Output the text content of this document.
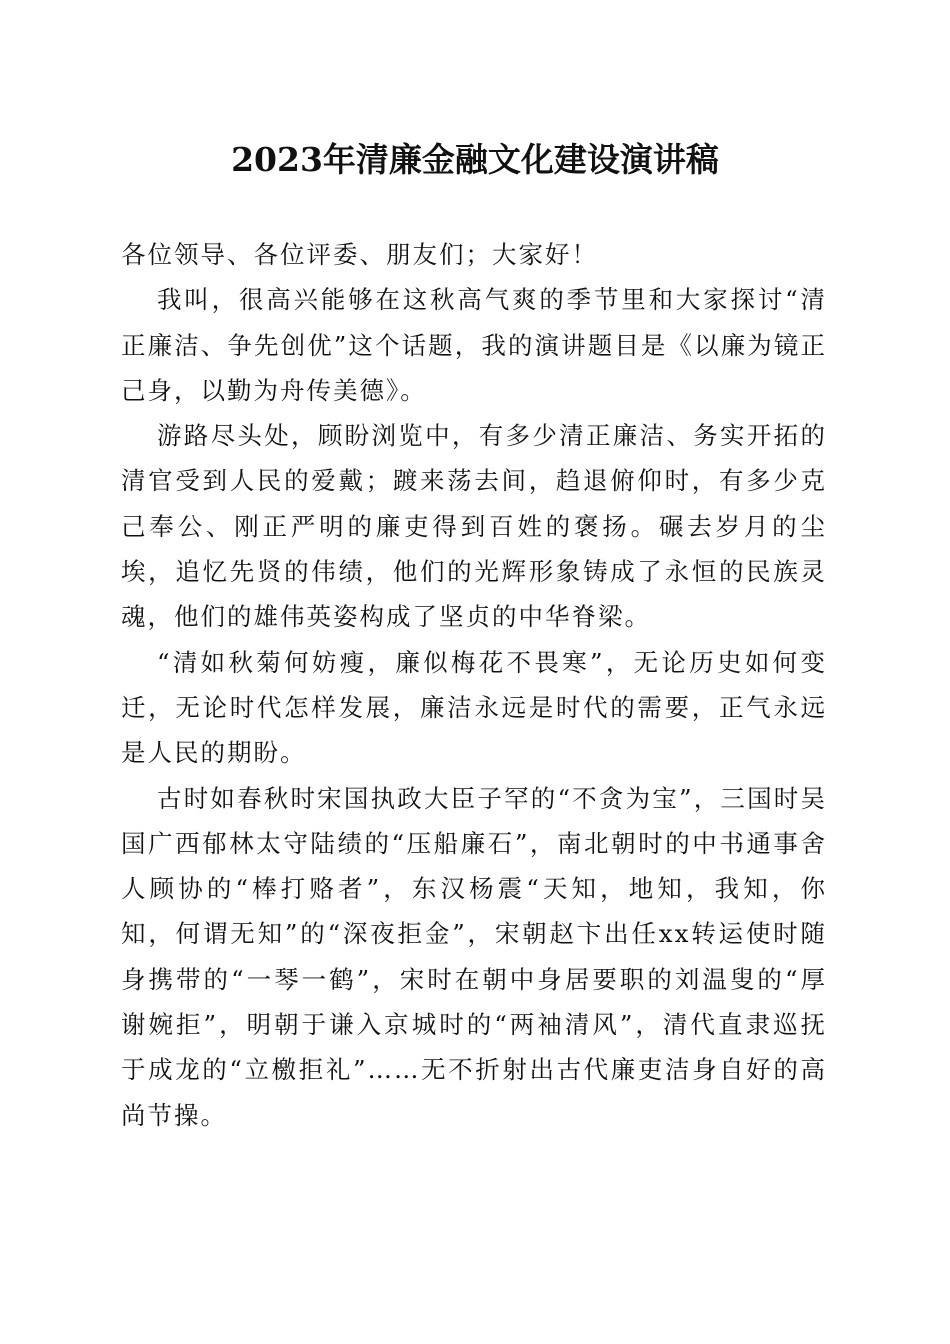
2023年清廉金融文化建设演讲稿

各位领导、各位评委、朋友们；大家好！

我叫，很高兴能够在这秋高气爽的季节里和大家探讨“清正廉洁、争先创优”这个话题，我的演讲题目是《以廉为镜正己身，以勤为舟传美德》。

游路尽头处，顾盼浏览中，有多少清正廉洁、务实开拓的清官受到人民的爱戴；踱来荡去间，趋退俯仰时，有多少克己奉公、刚正严明的廉吏得到百姓的褒扬。碾去岁月的尘埃，追忆先贤的伟绩，他们的光辉形象铸成了永恒的民族灵魂，他们的雄伟英姿构成了坚贞的中华脊梁。

“清如秋菊何妨瘦，廉似梅花不畏寒”，无论历史如何变迁，无论时代怎样发展，廉洁永远是时代的需要，正气永远是人民的期盼。

古时如春秋时宋国执政大臣子罕的“不贪为宝”，三国时吴国广西郁林太守陆绩的“压船廉石”，南北朝时的中书通事舍人顾协的“棒打赂者”，东汉杨震“天知，地知，我知，你知，何谓无知”的“深夜拒金”，宋朝赵卞出任xx转运使时随身携带的“一琴一鹤”，宋时在朝中身居要职的刘温叟的“厚谢婉拒”，明朝于谦入京城时的“两袖清风”，清代直隶巡抚于成龙的“立檄拒礼”……无不折射出古代廉吏洁身自好的高尚节操。
